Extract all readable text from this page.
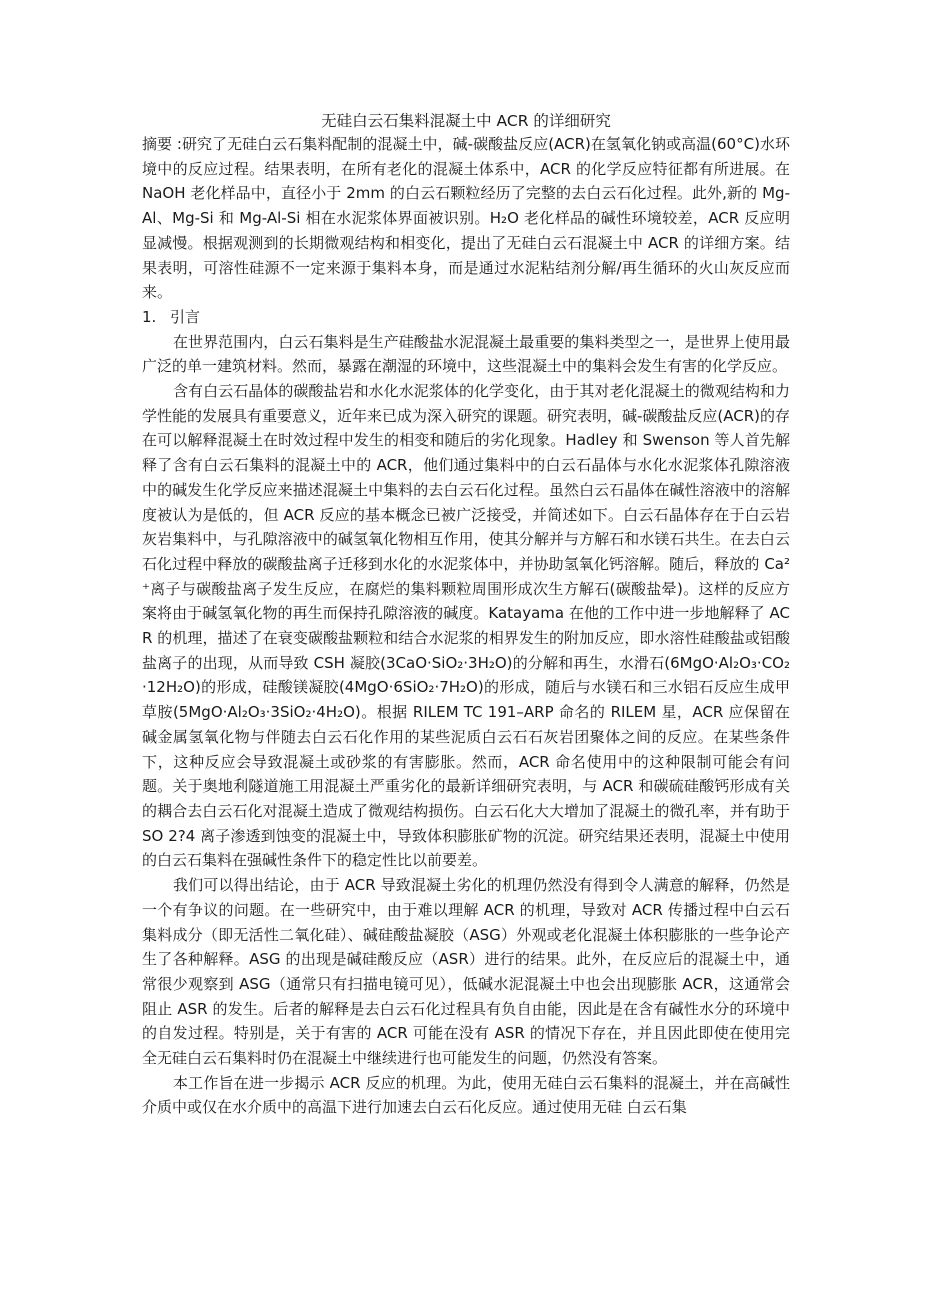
无硅白云石集料混凝土中 ACR 的详细研究

摘要 :研究了无硅白云石集料配制的混凝土中，碱-碳酸盐反应(ACR)在氢氧化钠或高温(60°C)水环境中的反应过程。结果表明，在所有老化的混凝土体系中，ACR 的化学反应特征都有所进展。在 NaOH 老化样品中，直径小于 2mm 的白云石颗粒经历了完整的去白云石化过程。此外,新的 Mg-Al、Mg-Si 和 Mg-Al-Si 相在水泥浆体界面被识别。H₂O 老化样品的碱性环境较差，ACR 反应明显减慢。根据观测到的长期微观结构和相变化，提出了无硅白云石混凝土中 ACR 的详细方案。结果表明，可溶性硅源不一定来源于集料本身，而是通过水泥粘结剂分解/再生循环的火山灰反应而来。

1. 引言

在世界范围内，白云石集料是生产硅酸盐水泥混凝土最重要的集料类型之一，是世界上使用最广泛的单一建筑材料。然而，暴露在潮湿的环境中，这些混凝土中的集料会发生有害的化学反应。

含有白云石晶体的碳酸盐岩和水化水泥浆体的化学变化，由于其对老化混凝土的微观结构和力学性能的发展具有重要意义，近年来已成为深入研究的课题。研究表明，碱-碳酸盐反应(ACR)的存在可以解释混凝土在时效过程中发生的相变和随后的劣化现象。Hadley 和 Swenson 等人首先解释了含有白云石集料的混凝土中的 ACR，他们通过集料中的白云石晶体与水化水泥浆体孔隙溶液中的碱发生化学反应来描述混凝土中集料的去白云石化过程。虽然白云石晶体在碱性溶液中的溶解度被认为是低的，但 ACR 反应的基本概念已被广泛接受，并简述如下。白云石晶体存在于白云岩灰岩集料中，与孔隙溶液中的碱氢氧化物相互作用，使其分解并与方解石和水镁石共生。在去白云石化过程中释放的碳酸盐离子迁移到水化的水泥浆体中，并协助氢氧化钙溶解。随后，释放的 Ca²⁺离子与碳酸盐离子发生反应，在腐烂的集料颗粒周围形成次生方解石(碳酸盐晕)。这样的反应方案将由于碱氢氧化物的再生而保持孔隙溶液的碱度。Katayama 在他的工作中进一步地解释了 ACR 的机理，描述了在衰变碳酸盐颗粒和结合水泥浆的相界发生的附加反应，即水溶性硅酸盐或铝酸盐离子的出现，从而导致 CSH 凝胶(3CaO·SiO₂·3H₂O)的分解和再生，水滑石(6MgO·Al₂O₃·CO₂·12H₂O)的形成，硅酸镁凝胶(4MgO·6SiO₂·7H₂O)的形成，随后与水镁石和三水铝石反应生成甲草胺(5MgO·Al₂O₃·3SiO₂·4H₂O)。根据 RILEM TC 191–ARP 命名的 RILEM 星，ACR 应保留在碱金属氢氧化物与伴随去白云石化作用的某些泥质白云石石灰岩团聚体之间的反应。在某些条件下，这种反应会导致混凝土或砂浆的有害膨胀。然而，ACR 命名使用中的这种限制可能会有问题。关于奥地利隧道施工用混凝土严重劣化的最新详细研究表明，与 ACR 和碳硫硅酸钙形成有关的耦合去白云石化对混凝土造成了微观结构损伤。白云石化大大增加了混凝土的微孔率，并有助于 SO 2?4 离子渗透到蚀变的混凝土中，导致体积膨胀矿物的沉淀。研究结果还表明，混凝土中使用的白云石集料在强碱性条件下的稳定性比以前要差。

我们可以得出结论，由于 ACR 导致混凝土劣化的机理仍然没有得到令人满意的解释，仍然是一个有争议的问题。在一些研究中，由于难以理解 ACR 的机理，导致对 ACR 传播过程中白云石集料成分（即无活性二氧化硅）、碱硅酸盐凝胶（ASG）外观或老化混凝土体积膨胀的一些争论产生了各种解释。ASG 的出现是碱硅酸反应（ASR）进行的结果。此外，在反应后的混凝土中，通常很少观察到 ASG（通常只有扫描电镜可见），低碱水泥混凝土中也会出现膨胀 ACR，这通常会阻止 ASR 的发生。后者的解释是去白云石化过程具有负自由能，因此是在含有碱性水分的环境中的自发过程。特别是，关于有害的 ACR 可能在没有 ASR 的情况下存在，并且因此即使在使用完全无硅白云石集料时仍在混凝土中继续进行也可能发生的问题，仍然没有答案。

本工作旨在进一步揭示 ACR 反应的机理。为此，使用无硅白云石集料的混凝土，并在高碱性介质中或仅在水介质中的高温下进行加速去白云石化反应。通过使用无硅 白云石集
